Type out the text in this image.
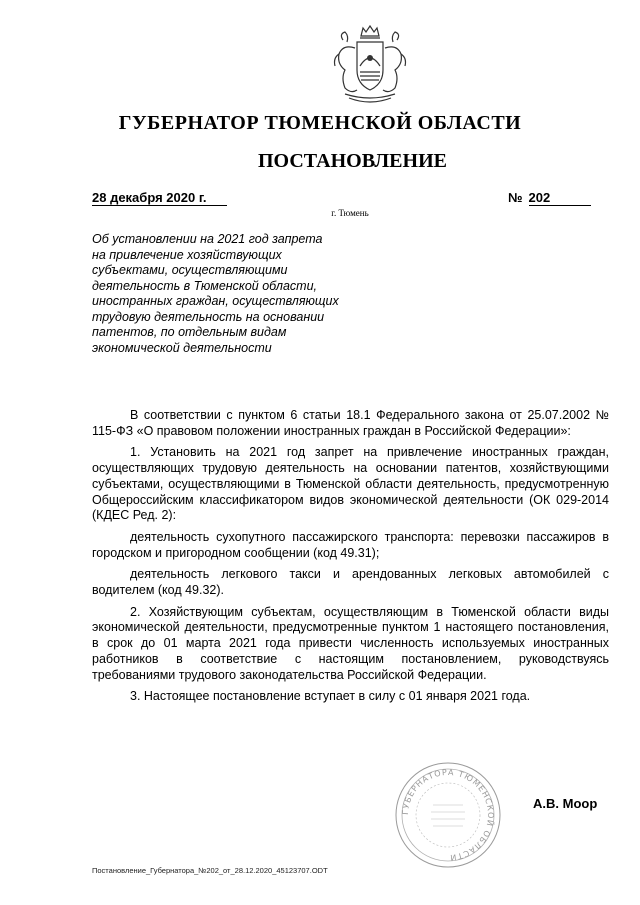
ГУБЕРНАТОР ТЮМЕНСКОЙ ОБЛАСТИ
ПОСТАНОВЛЕНИЕ
28 декабря 2020 г.	№ 202
г. Тюмень
Об установлении на 2021 год запрета
на привлечение хозяйствующих
субъектами, осуществляющими
деятельность в Тюменской области,
иностранных граждан, осуществляющих
трудовую деятельность на основании
патентов, по отдельным видам
экономической деятельности

В соответствии с пунктом 6 статьи 18.1 Федерального закона от 25.07.2002 № 115-ФЗ «О правовом положении иностранных граждан в Российской Федерации»:

1. Установить на 2021 год запрет на привлечение иностранных граждан, осуществляющих трудовую деятельность на основании патентов, хозяйствующими субъектами, осуществляющими в Тюменской области деятельность, предусмотренную Общероссийским классификатором видов экономической деятельности (ОК 029-2014 (КДЕС Ред. 2):

деятельность сухопутного пассажирского транспорта: перевозки пассажиров в городском и пригородном сообщении (код 49.31);

деятельность легкового такси и арендованных легковых автомобилей с водителем (код 49.32).

2. Хозяйствующим субъектам, осуществляющим в Тюменской области виды экономической деятельности, предусмотренные пунктом 1 настоящего постановления, в срок до 01 марта 2021 года привести численность используемых иностранных работников в соответствие с настоящим постановлением, руководствуясь требованиями трудового законодательства Российской Федерации.

3. Настоящее постановление вступает в силу с 01 января 2021 года.

ГУБЕРНАТОРА ТЮМЕНСКОЙ ОБЛАСТИ
А.В. Моор
Постановление_Губернатора_№202_от_28.12.2020_45123707.ODT
